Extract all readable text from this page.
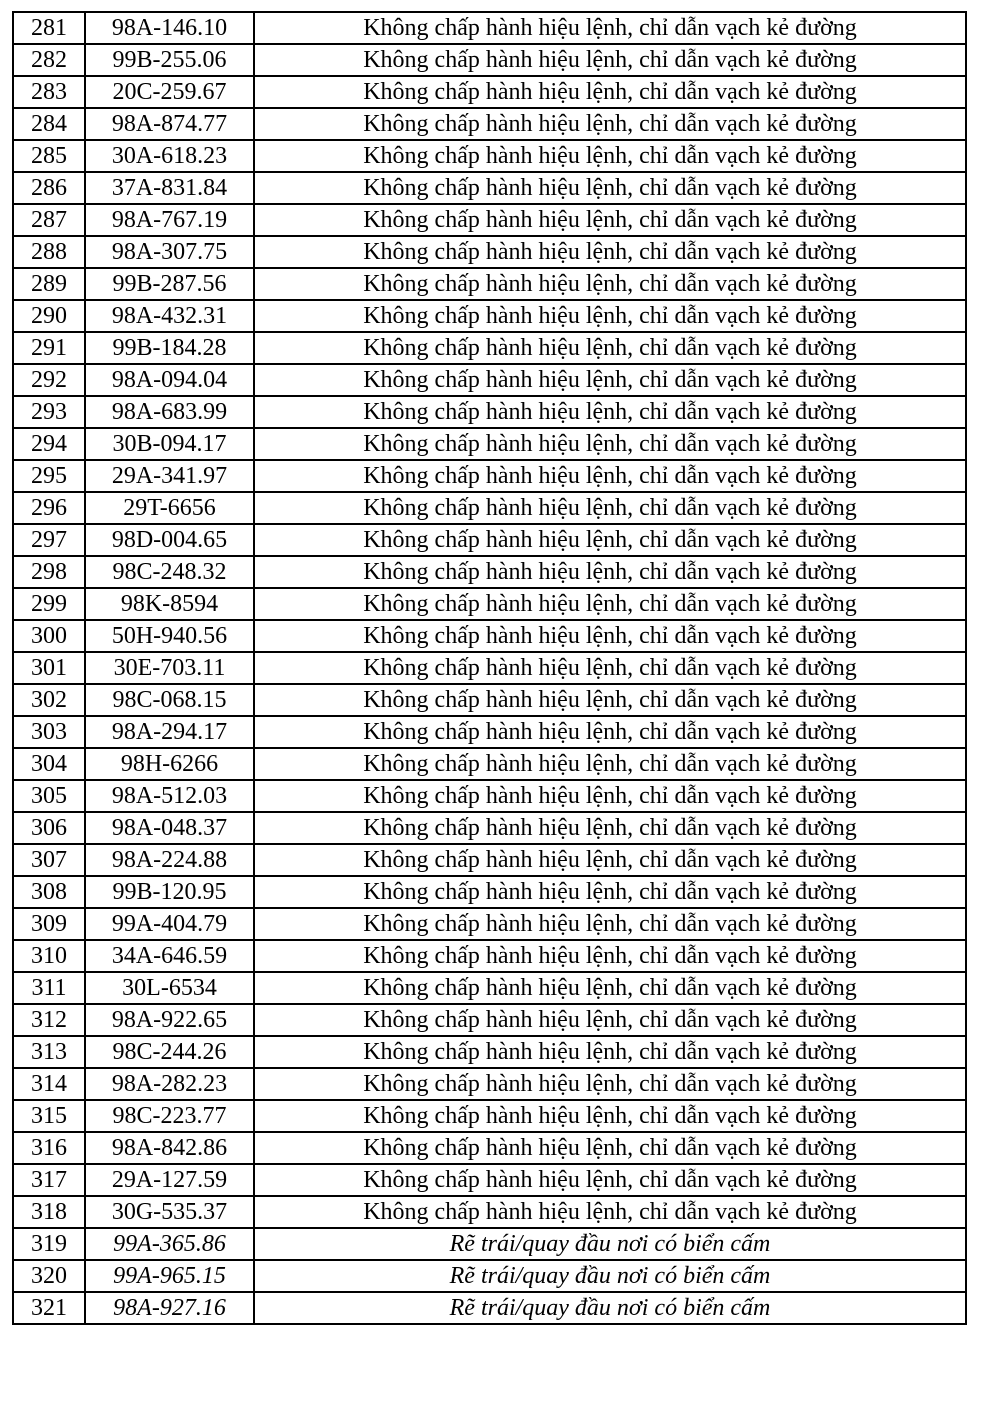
281	98A-146.10	Không chấp hành hiệu lệnh, chỉ dẫn vạch kẻ đường
282	99B-255.06	Không chấp hành hiệu lệnh, chỉ dẫn vạch kẻ đường
283	20C-259.67	Không chấp hành hiệu lệnh, chỉ dẫn vạch kẻ đường
284	98A-874.77	Không chấp hành hiệu lệnh, chỉ dẫn vạch kẻ đường
285	30A-618.23	Không chấp hành hiệu lệnh, chỉ dẫn vạch kẻ đường
286	37A-831.84	Không chấp hành hiệu lệnh, chỉ dẫn vạch kẻ đường
287	98A-767.19	Không chấp hành hiệu lệnh, chỉ dẫn vạch kẻ đường
288	98A-307.75	Không chấp hành hiệu lệnh, chỉ dẫn vạch kẻ đường
289	99B-287.56	Không chấp hành hiệu lệnh, chỉ dẫn vạch kẻ đường
290	98A-432.31	Không chấp hành hiệu lệnh, chỉ dẫn vạch kẻ đường
291	99B-184.28	Không chấp hành hiệu lệnh, chỉ dẫn vạch kẻ đường
292	98A-094.04	Không chấp hành hiệu lệnh, chỉ dẫn vạch kẻ đường
293	98A-683.99	Không chấp hành hiệu lệnh, chỉ dẫn vạch kẻ đường
294	30B-094.17	Không chấp hành hiệu lệnh, chỉ dẫn vạch kẻ đường
295	29A-341.97	Không chấp hành hiệu lệnh, chỉ dẫn vạch kẻ đường
296	29T-6656	Không chấp hành hiệu lệnh, chỉ dẫn vạch kẻ đường
297	98D-004.65	Không chấp hành hiệu lệnh, chỉ dẫn vạch kẻ đường
298	98C-248.32	Không chấp hành hiệu lệnh, chỉ dẫn vạch kẻ đường
299	98K-8594	Không chấp hành hiệu lệnh, chỉ dẫn vạch kẻ đường
300	50H-940.56	Không chấp hành hiệu lệnh, chỉ dẫn vạch kẻ đường
301	30E-703.11	Không chấp hành hiệu lệnh, chỉ dẫn vạch kẻ đường
302	98C-068.15	Không chấp hành hiệu lệnh, chỉ dẫn vạch kẻ đường
303	98A-294.17	Không chấp hành hiệu lệnh, chỉ dẫn vạch kẻ đường
304	98H-6266	Không chấp hành hiệu lệnh, chỉ dẫn vạch kẻ đường
305	98A-512.03	Không chấp hành hiệu lệnh, chỉ dẫn vạch kẻ đường
306	98A-048.37	Không chấp hành hiệu lệnh, chỉ dẫn vạch kẻ đường
307	98A-224.88	Không chấp hành hiệu lệnh, chỉ dẫn vạch kẻ đường
308	99B-120.95	Không chấp hành hiệu lệnh, chỉ dẫn vạch kẻ đường
309	99A-404.79	Không chấp hành hiệu lệnh, chỉ dẫn vạch kẻ đường
310	34A-646.59	Không chấp hành hiệu lệnh, chỉ dẫn vạch kẻ đường
311	30L-6534	Không chấp hành hiệu lệnh, chỉ dẫn vạch kẻ đường
312	98A-922.65	Không chấp hành hiệu lệnh, chỉ dẫn vạch kẻ đường
313	98C-244.26	Không chấp hành hiệu lệnh, chỉ dẫn vạch kẻ đường
314	98A-282.23	Không chấp hành hiệu lệnh, chỉ dẫn vạch kẻ đường
315	98C-223.77	Không chấp hành hiệu lệnh, chỉ dẫn vạch kẻ đường
316	98A-842.86	Không chấp hành hiệu lệnh, chỉ dẫn vạch kẻ đường
317	29A-127.59	Không chấp hành hiệu lệnh, chỉ dẫn vạch kẻ đường
318	30G-535.37	Không chấp hành hiệu lệnh, chỉ dẫn vạch kẻ đường
319	99A-365.86	Rẽ trái/quay đầu nơi có biển cấm
320	99A-965.15	Rẽ trái/quay đầu nơi có biển cấm
321	98A-927.16	Rẽ trái/quay đầu nơi có biển cấm
